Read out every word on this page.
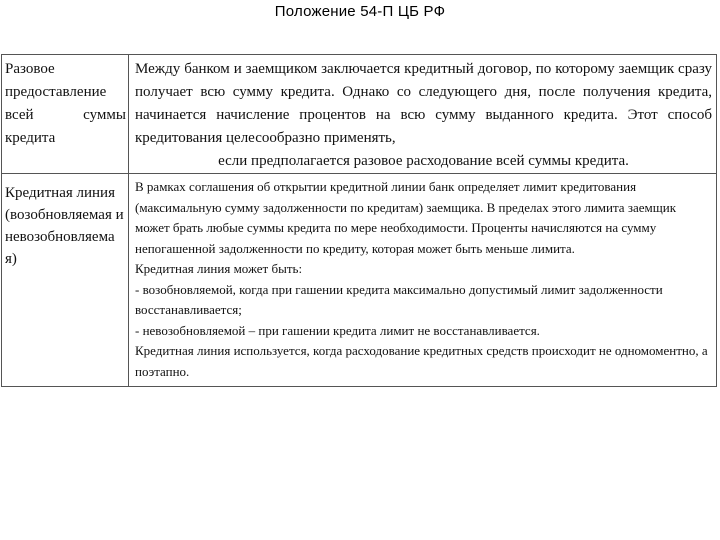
Положение 54-П ЦБ РФ
Разовое предоставление всей суммы кредита	Между банком и заемщиком заключается кредитный договор, по которому заемщик сразу получает всю сумму кредита. Однако со следующего дня, после получения кредита, начинается начисление процентов на всю сумму выданного кредита. Этот способ кредитования целесообразно применять,
если предполагается разовое расходование всей суммы кредита.

Кредитная линия (возобновляемая и невозобновляемая)	В рамках соглашения об открытии кредитной линии банк определяет лимит кредитования (максимальную сумму задолженности по кредитам) заемщика. В пределах этого лимита заемщик может брать любые суммы кредита по мере необходимости. Проценты начисляются на сумму непогашенной задолженности по кредиту, которая может быть меньше лимита.

Кредитная линия может быть:

- возобновляемой, когда при гашении кредита максимально допустимый лимит задолженности восстанавливается;

- невозобновляемой – при гашении кредита лимит не восстанавливается.

Кредитная линия используется, когда расходование кредитных средств происходит не одномоментно, а поэтапно.
